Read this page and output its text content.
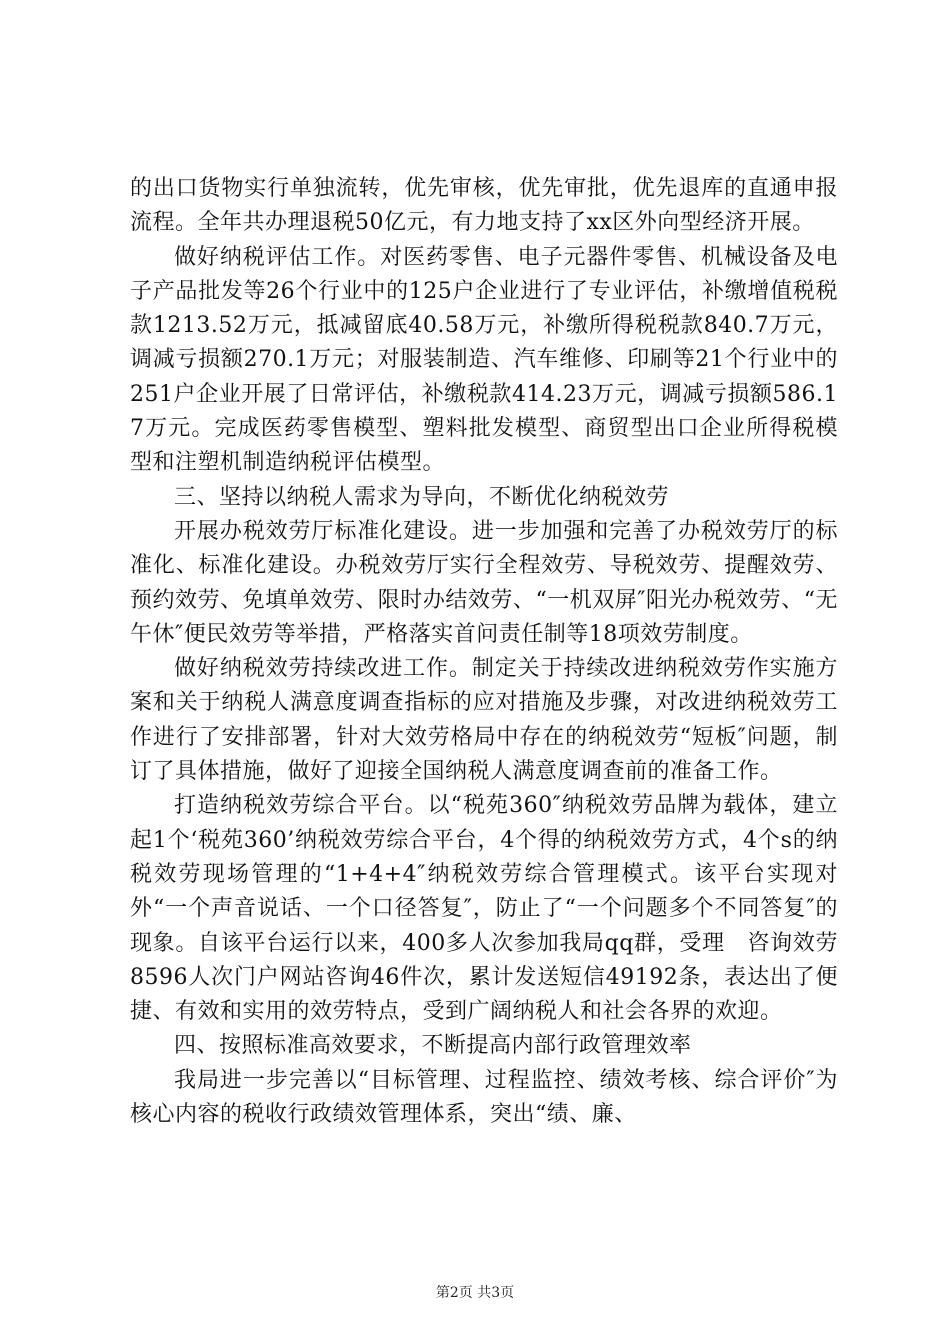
的出口货物实行单独流转，优先审核，优先审批，优先退库的直通申报流程。全年共办理退税50亿元，有力地支持了xx区外向型经济开展。

做好纳税评估工作。对医药零售、电子元器件零售、机械设备及电子产品批发等26个行业中的125户企业进行了专业评估，补缴增值税税款1213.52万元，抵减留底40.58万元，补缴所得税税款840.7万元，调减亏损额270.1万元；对服装制造、汽车维修、印刷等21个行业中的251户企业开展了日常评估，补缴税款414.23万元，调减亏损额586.17万元。完成医药零售模型、塑料批发模型、商贸型出口企业所得税模型和注塑机制造纳税评估模型。

三、坚持以纳税人需求为导向，不断优化纳税效劳

开展办税效劳厅标准化建设。进一步加强和完善了办税效劳厅的标准化、标准化建设。办税效劳厅实行全程效劳、导税效劳、提醒效劳、预约效劳、免填单效劳、限时办结效劳、“一机双屏″阳光办税效劳、“无午休″便民效劳等举措，严格落实首问责任制等18项效劳制度。

做好纳税效劳持续改进工作。制定关于持续改进纳税效劳作实施方案和关于纳税人满意度调查指标的应对措施及步骤，对改进纳税效劳工作进行了安排部署，针对大效劳格局中存在的纳税效劳“短板″问题，制订了具体措施，做好了迎接全国纳税人满意度调查前的准备工作。

打造纳税效劳综合平台。以“税苑360″纳税效劳品牌为载体，建立起1个‘税苑360’纳税效劳综合平台，4个得的纳税效劳方式，4个s的纳税效劳现场管理的“1+4+4″纳税效劳综合管理模式。该平台实现对外“一个声音说话、一个口径答复″，防止了“一个问题多个不同答复″的现象。自该平台运行以来，400多人次参加我局qq群，受理　咨询效劳8596人次门户网站咨询46件次，累计发送短信49192条，表达出了便捷、有效和实用的效劳特点，受到广阔纳税人和社会各界的欢迎。

四、按照标准高效要求，不断提高内部行政管理效率

我局进一步完善以“目标管理、过程监控、绩效考核、综合评价″为核心内容的税收行政绩效管理体系，突出“绩、廉、

第2页 共3页
